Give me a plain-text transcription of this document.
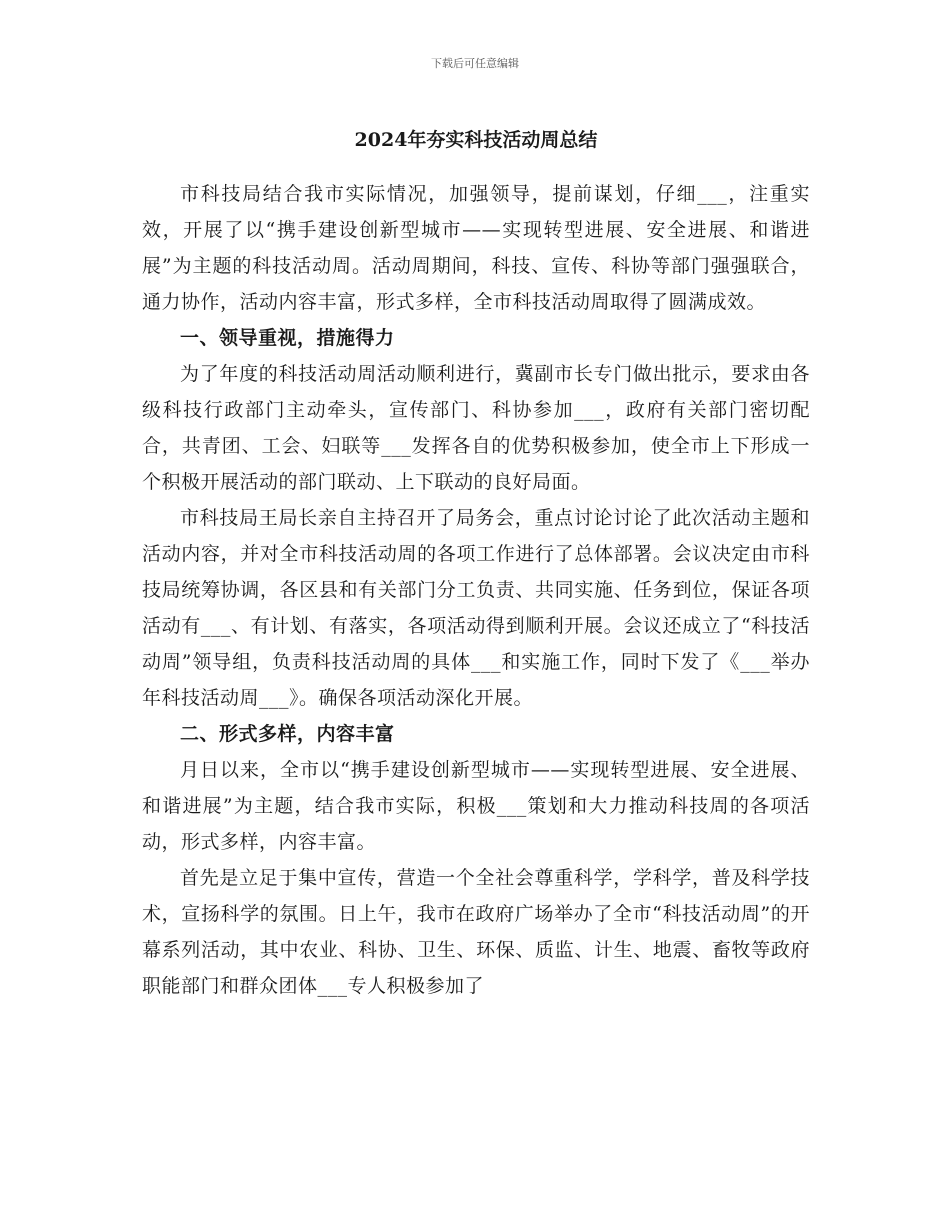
下载后可任意编辑
2024年夯实科技活动周总结

市科技局结合我市实际情况，加强领导，提前谋划，仔细___，注重实效，开展了以“携手建设创新型城市——实现转型进展、安全进展、和谐进展”为主题的科技活动周。活动周期间，科技、宣传、科协等部门强强联合，通力协作，活动内容丰富，形式多样，全市科技活动周取得了圆满成效。

一、领导重视，措施得力

为了年度的科技活动周活动顺利进行，冀副市长专门做出批示，要求由各级科技行政部门主动牵头，宣传部门、科协参加___，政府有关部门密切配合，共青团、工会、妇联等___发挥各自的优势积极参加，使全市上下形成一个积极开展活动的部门联动、上下联动的良好局面。

市科技局王局长亲自主持召开了局务会，重点讨论讨论了此次活动主题和活动内容，并对全市科技活动周的各项工作进行了总体部署。会议决定由市科技局统筹协调，各区县和有关部门分工负责、共同实施、任务到位，保证各项活动有___、有计划、有落实，各项活动得到顺利开展。会议还成立了“科技活动周”领导组，负责科技活动周的具体___和实施工作，同时下发了《___举办年科技活动周___》。确保各项活动深化开展。

二、形式多样，内容丰富

月日以来，全市以“携手建设创新型城市——实现转型进展、安全进展、和谐进展”为主题，结合我市实际，积极___策划和大力推动科技周的各项活动，形式多样，内容丰富。

首先是立足于集中宣传，营造一个全社会尊重科学，学科学，普及科学技术，宣扬科学的氛围。日上午，我市在政府广场举办了全市“科技活动周”的开幕系列活动，其中农业、科协、卫生、环保、质监、计生、地震、畜牧等政府职能部门和群众团体___专人积极参加了
